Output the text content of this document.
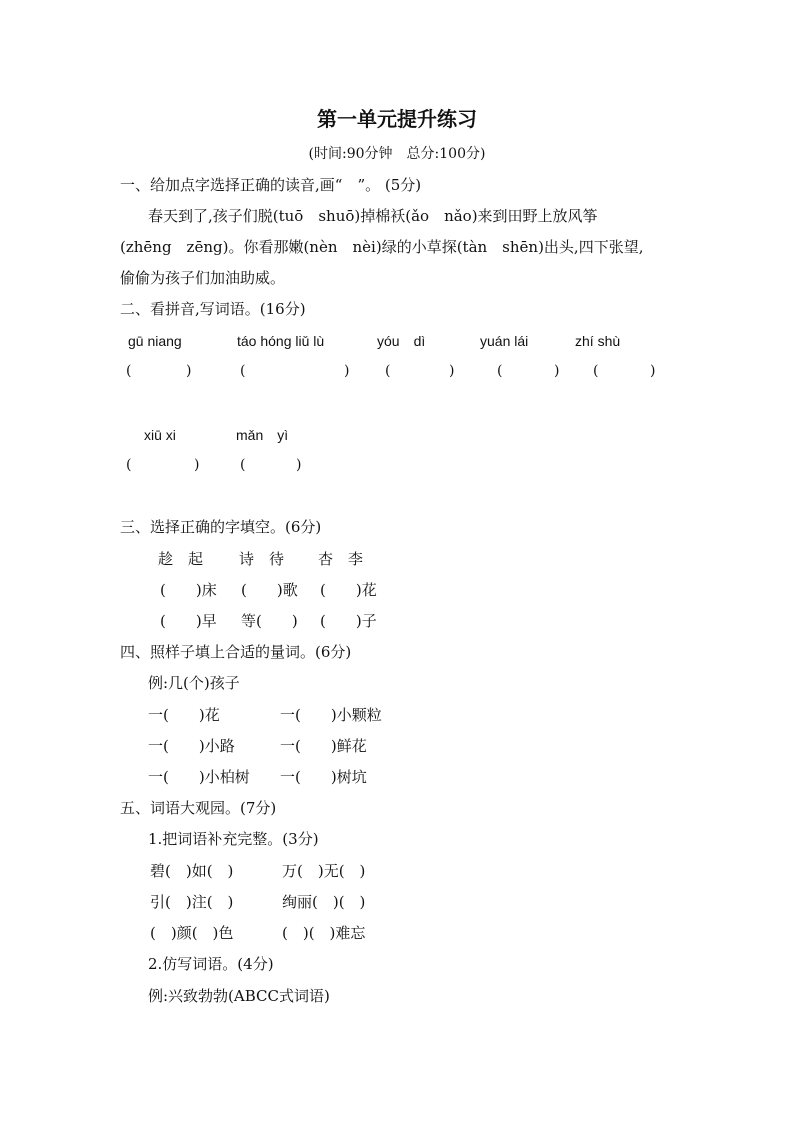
第一单元提升练习
(时间:90分钟　总分:100分)
一、给加点字选择正确的读音,画“　”。 (5分)
春天到了,孩子们脱(tuō　shuō)掉棉袄(ǎo　nǎo)来到田野上放风筝
(zhēng　zēng)。你看那嫩(nèn　nèi)绿的小草探(tàn　shēn)出头,四下张望,
偷偷为孩子们加油助威。
二、看拼音,写词语。(16分)
gū niang	táo hóng liǔ lù	yóu　dì	yuán lái	zhí shù
(	)	(	)	(	)	(	) (	)
xiū xi	mǎn　yì
(	)	(	)
三、选择正确的字填空。(6分)
趁　起 诗　待 杏　李
(　　)床 (　　)歌 (　　)花
(　　)早 等(　　) (　　)子
四、照样子填上合适的量词。(6分)
例:几(个)孩子
一(　　)花	一(　　)小颗粒
一(　　)小路	一(　　)鲜花
一(　　)小柏树 一(　　)树坑
五、词语大观园。(7分)
1.把词语补充完整。(3分)
碧(　)如(　)	万(　)无(　)
引(　)注(　)	绚丽(　)(　)
(　)颜(　)色	(　)(　)难忘
2.仿写词语。(4分)
例:兴致勃勃(ABCC式词语)
